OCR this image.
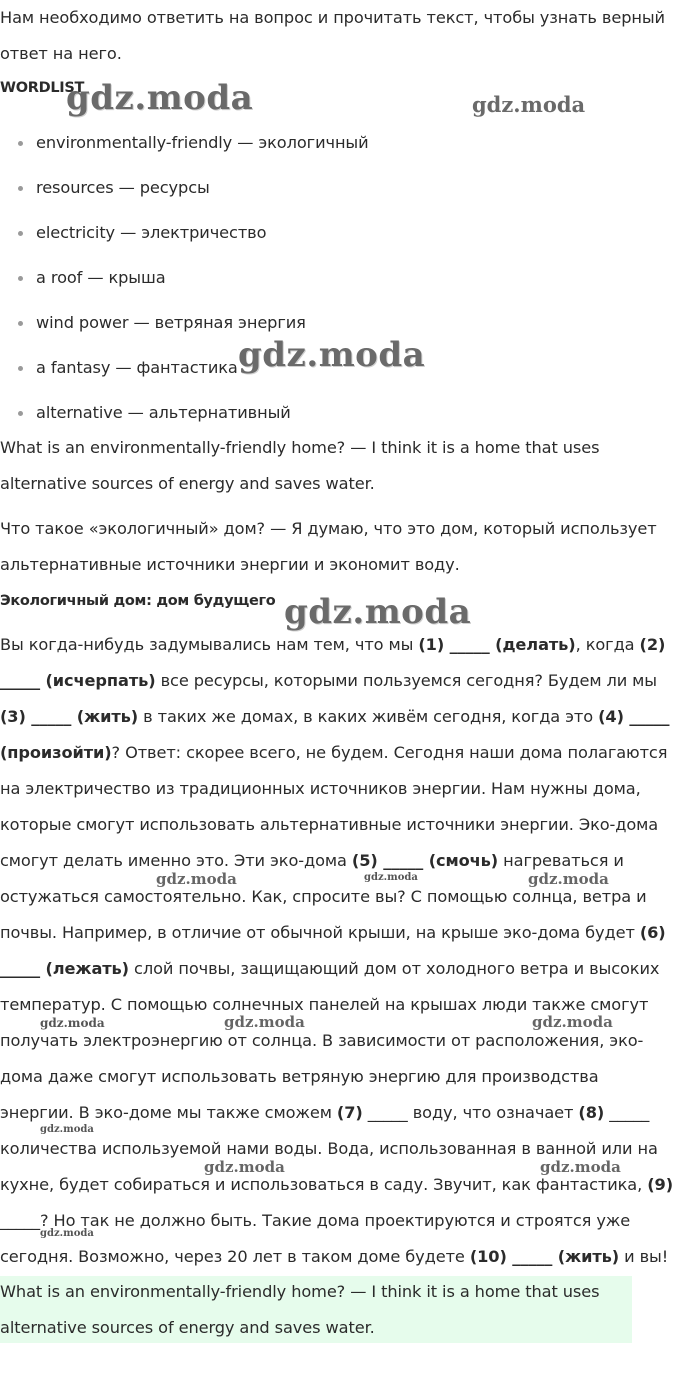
Нам необходимо ответить на вопрос и прочитать текст, чтобы узнать верный ответ на него.

WORDLIST
environmentally-friendly — экологичный
resources — ресурсы
electricity — электричество
a roof — крыша
wind power — ветряная энергия
a fantasy — фантастика
alternative — альтернативный

What is an environmentally-friendly home? — I think it is a home that uses alternative sources of energy and saves water.

Что такое «экологичный» дом? — Я думаю, что это дом, который использует альтернативные источники энергии и экономит воду.

Экологичный дом: дом будущего

Вы когда-нибудь задумывались нам тем, что мы (1) _____ (делать), когда (2) _____ (исчерпать) все ресурсы, которыми пользуемся сегодня? Будем ли мы (3) _____ (жить) в таких же домах, в каких живём сегодня, когда это (4) _____ (произойти)? Ответ: скорее всего, не будем. Сегодня наши дома полагаются на электричество из традиционных источников энергии. Нам нужны дома, которые смогут использовать альтернативные источники энергии. Эко-дома смогут делать именно это. Эти эко-дома (5) _____ (смочь) нагреваться и остужаться самостоятельно. Как, спросите вы? С помощью солнца, ветра и почвы. Например, в отличие от обычной крыши, на крыше эко-дома будет (6) _____ (лежать) слой почвы, защищающий дом от холодного ветра и высоких температур. С помощью солнечных панелей на крышах люди также смогут получать электроэнергию от солнца. В зависимости от расположения, эко-дома даже смогут использовать ветряную энергию для производства энергии. В эко-доме мы также сможем (7) _____ воду, что означает (8) _____ количества используемой нами воды. Вода, использованная в ванной или на кухне, будет собираться и использоваться в саду. Звучит, как фантастика, (9) _____? Но так не должно быть. Такие дома проектируются и строятся уже сегодня. Возможно, через 20 лет в таком доме будете (10) _____ (жить) и вы!

What is an environmentally-friendly home? — I think it is a home that uses alternative sources of energy and saves water.

gdz.moda	gdz.moda
gdz.moda
gdz.moda
gdz.moda	gdz.moda	gdz.moda
gdz.moda	gdz.moda	gdz.moda
gdz.moda
gdz.moda	gdz.moda
gdz.moda
